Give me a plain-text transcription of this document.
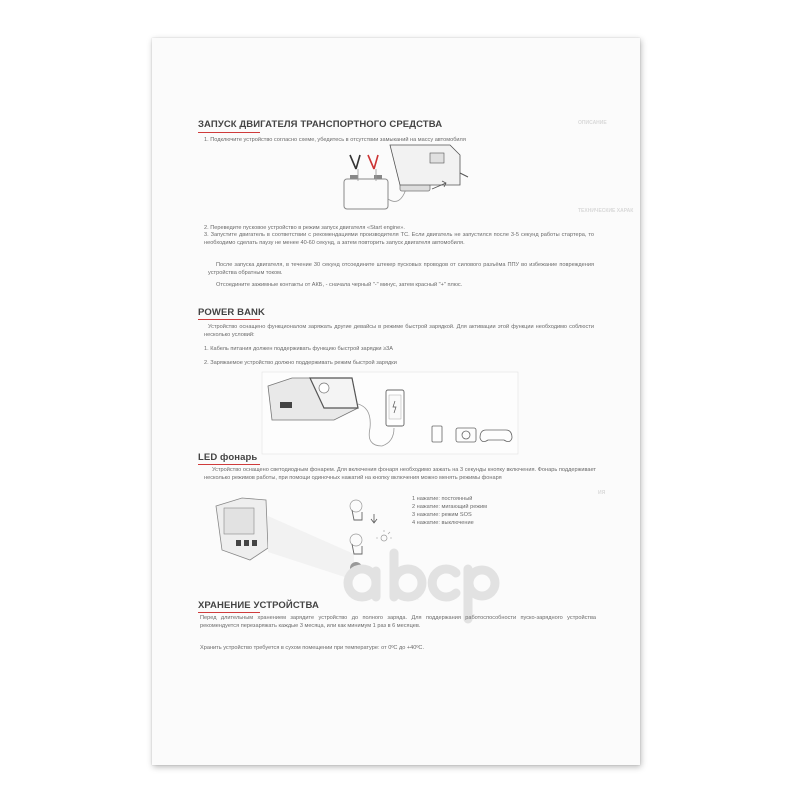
ОПИСАНИЕ
ТЕХНИЧЕСКИЕ ХАРАК
ИЯ
ЗАПУСК ДВИГАТЕЛЯ ТРАНСПОРТНОГО СРЕДСТВА
1. Подключите устройство согласно схеме, убедитесь в отсутствии замыканий на массу автомобиля
2. Переведите пусковое устройство в режим запуск двигателя «Start engine».
3. Запустите двигатель в соответствии с рекомендациями производителя ТС. Если двигатель не запустился после 3-5 секунд работы стартера, то необходимо сделать паузу не менее 40-60 секунд, а затем повторить запуск двигателя автомобиля.
После запуска двигателя, в течение 30 секунд отсоедините штекер пусковых проводов от силового разъёма ППУ во избежание повреждения устройства обратным током.
Отсоедините зажимные контакты от АКБ, - сначала черный "-" минус, затем красный "+" плюс.
POWER BANK
Устройство оснащено функционалом заряжать другие девайсы в режиме быстрой зарядкой. Для активации этой функции необходимо соблюсти несколько условий:
1. Кабель питания должен поддерживать функцию быстрой зарядки ≥3А
2. Заряжаемое устройство должно поддерживать режим быстрой зарядки
LED фонарь
Устройство оснащено светодиодным фонарем. Для включения фонаря необходимо зажать на 3 секунды кнопку включения. Фонарь поддерживает несколько режимов работы, при помощи одиночных нажатий на кнопку включения можно менять режимы фонаря
1 нажатие: постоянный
2 нажатие: мигающий режим
3 нажатие: режим SOS
4 нажатие: выключение
abcp
ХРАНЕНИЕ УСТРОЙСТВА
Перед длительным хранением зарядите устройство до полного заряда. Для поддержания работоспособности пуско-зарядного устройства рекомендуется перезаряжать каждые 3 месяца, или как минимум 1 раз в 6 месяцев.
Хранить устройство требуется в сухом помещении при температуре: от 0ºС до +40ºС.
